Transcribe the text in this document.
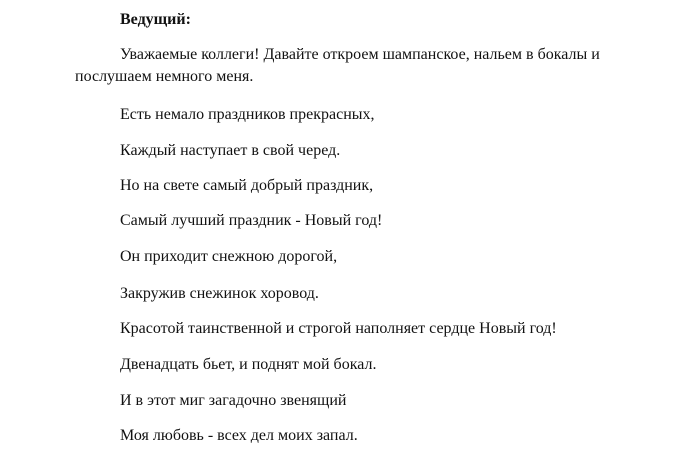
Ведущий:

Уважаемые коллеги! Давайте откроем шампанское, нальем в бокалы и послушаем немного меня.

Есть немало праздников прекрасных,

Каждый наступает в свой черед.

Но на свете самый добрый праздник,

Самый лучший праздник - Новый год!

Он приходит снежною дорогой,

Закружив снежинок хоровод.

Красотой таинственной и строгой наполняет сердце Новый год!

Двенадцать бьет, и поднят мой бокал.

И в этот миг загадочно звенящий

Моя любовь - всех дел моих запал.
